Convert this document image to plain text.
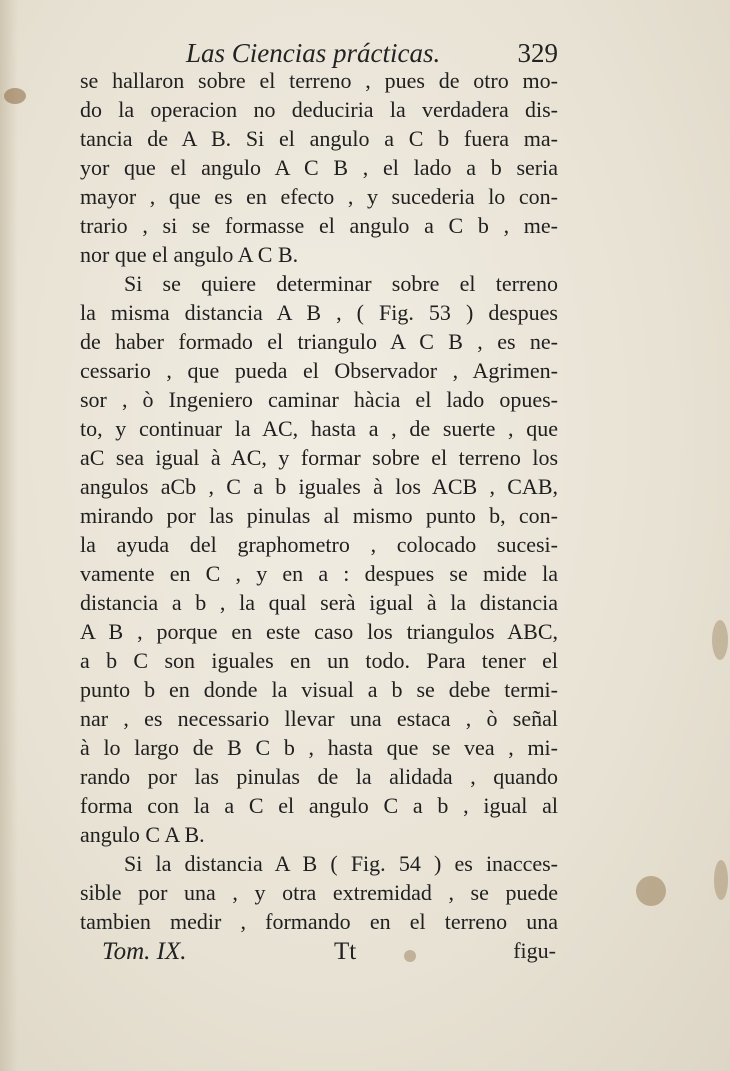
Las Ciencias prácticas.	329
se hallaron sobre el terreno , pues de otro mo-
do la operacion no deduciria la verdadera dis-
tancia de A B. Si el angulo a C b fuera ma-
yor que el angulo A C B , el lado a b seria
mayor , que es en efecto , y sucederia lo con-
trario , si se formasse el angulo a C b , me-
nor que el angulo A C B.
Si se quiere determinar sobre el terreno
la misma distancia A B , ( Fig. 53 ) despues
de haber formado el triangulo A C B , es ne-
cessario , que pueda el Observador , Agrimen-
sor , ò Ingeniero caminar hàcia el lado opues-
to, y continuar la AC, hasta a , de suerte , que
aC sea igual à AC, y formar sobre el terreno los
angulos aCb , C a b iguales à los ACB , CAB,
mirando por las pinulas al mismo punto b, con-
la ayuda del graphometro , colocado sucesi-
vamente en C , y en a : despues se mide la
distancia a b , la qual serà igual à la distancia
A B , porque en este caso los triangulos ABC,
a b C son iguales en un todo. Para tener el
punto b en donde la visual a b se debe termi-
nar , es necessario llevar una estaca , ò señal
à lo largo de B C b , hasta que se vea , mi-
rando por las pinulas de la alidada , quando
forma con la a C el angulo C a b , igual al
angulo C A B.
Si la distancia A B ( Fig. 54 ) es inacces-
sible por una , y otra extremidad , se puede
tambien medir , formando en el terreno una
Tom. IX.	Tt	figu-
